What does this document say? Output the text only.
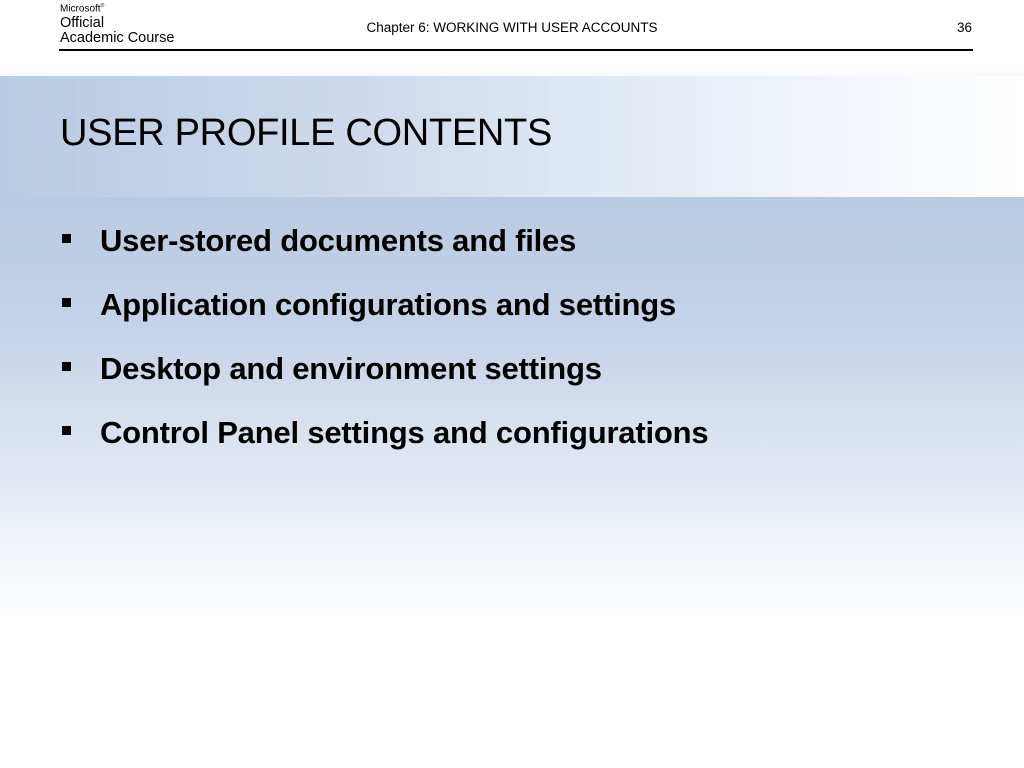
Microsoft®
Official
Academic Course
Chapter 6: WORKING WITH USER ACCOUNTS	36
USER PROFILE CONTENTS
User-stored documents and files
Application configurations and settings
Desktop and environment settings
Control Panel settings and configurations
